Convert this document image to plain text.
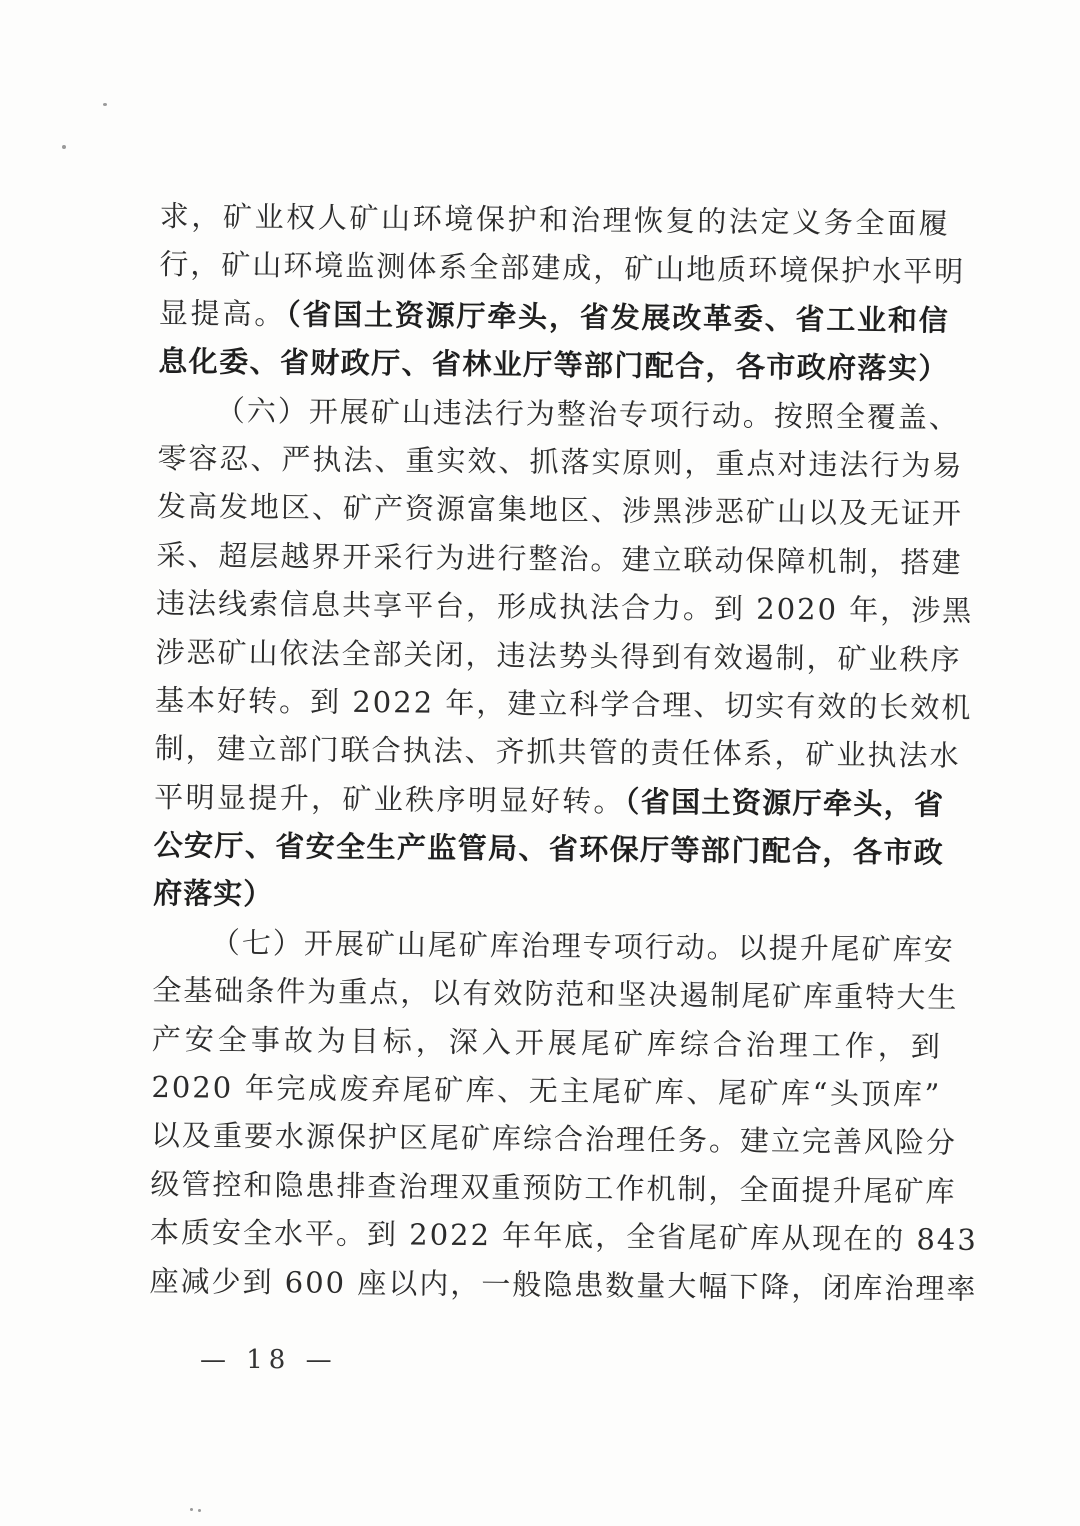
求，矿业权人矿山环境保护和治理恢复的法定义务全面履
行，矿山环境监测体系全部建成，矿山地质环境保护水平明
显提高。（省国土资源厅牵头，省发展改革委、省工业和信
息化委、省财政厅、省林业厅等部门配合，各市政府落实）
（六）开展矿山违法行为整治专项行动。按照全覆盖、
零容忍、严执法、重实效、抓落实原则，重点对违法行为易
发高发地区、矿产资源富集地区、涉黑涉恶矿山以及无证开
采、超层越界开采行为进行整治。建立联动保障机制，搭建
违法线索信息共享平台，形成执法合力。到 2020 年，涉黑
涉恶矿山依法全部关闭，违法势头得到有效遏制，矿业秩序
基本好转。到 2022 年，建立科学合理、切实有效的长效机
制，建立部门联合执法、齐抓共管的责任体系，矿业执法水
平明显提升，矿业秩序明显好转。（省国土资源厅牵头，省
公安厅、省安全生产监管局、省环保厅等部门配合，各市政
府落实）
（七）开展矿山尾矿库治理专项行动。以提升尾矿库安
全基础条件为重点，以有效防范和坚决遏制尾矿库重特大生
产安全事故为目标，深入开展尾矿库综合治理工作，到
2020 年完成废弃尾矿库、无主尾矿库、尾矿库“头顶库”
以及重要水源保护区尾矿库综合治理任务。建立完善风险分
级管控和隐患排查治理双重预防工作机制，全面提升尾矿库
本质安全水平。到 2022 年年底，全省尾矿库从现在的 843
座减少到 600 座以内，一般隐患数量大幅下降，闭库治理率
— 18 —
